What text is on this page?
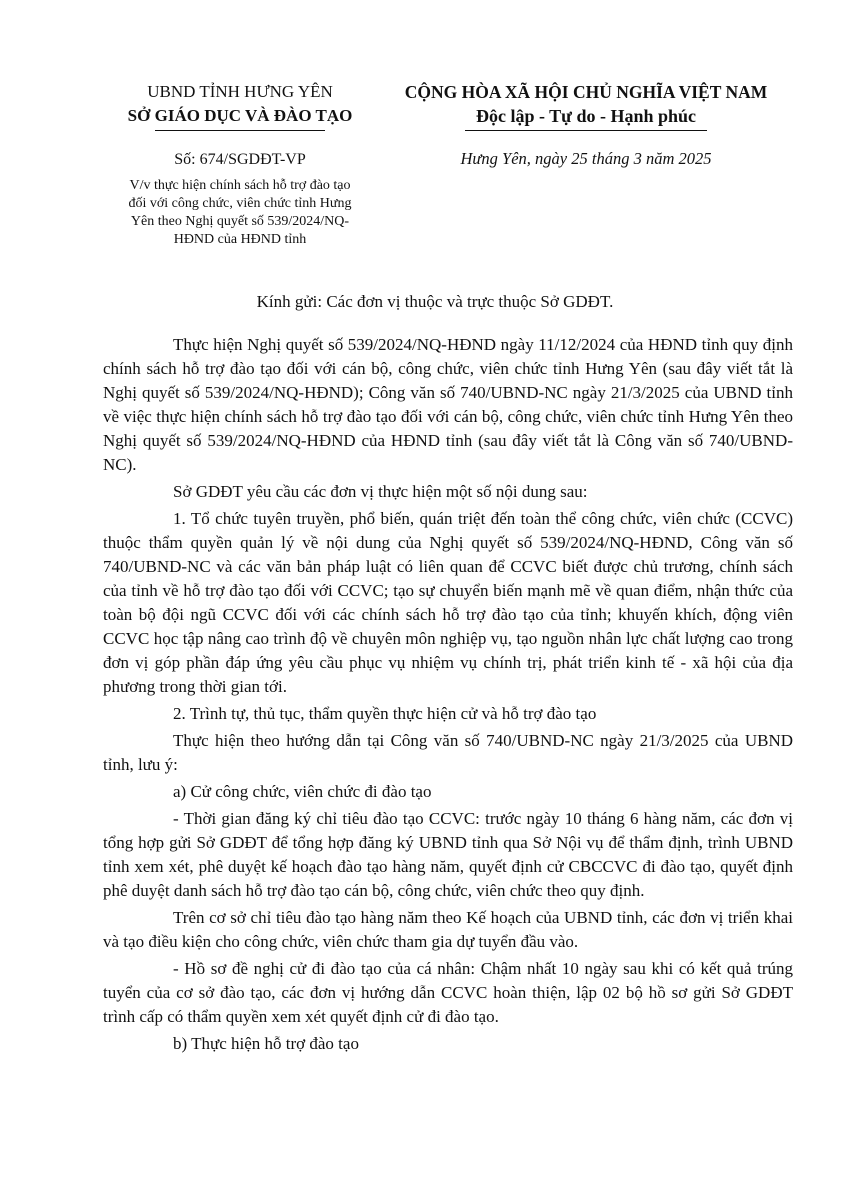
UBND TỈNH HƯNG YÊN
SỞ GIÁO DỤC VÀ ĐÀO TẠO
CỘNG HÒA XÃ HỘI CHỦ NGHĨA VIỆT NAM
Độc lập - Tự do - Hạnh phúc
Số: 674/SGDĐT-VP
V/v thực hiện chính sách hỗ trợ đào tạo
đối với công chức, viên chức tỉnh Hưng
Yên theo Nghị quyết số 539/2024/NQ-
HĐND của HĐND tỉnh
Hưng Yên, ngày 25 tháng 3 năm 2025
Kính gửi: Các đơn vị thuộc và trực thuộc Sở GDĐT.

Thực hiện Nghị quyết số 539/2024/NQ-HĐND ngày 11/12/2024 của HĐND tỉnh quy định chính sách hỗ trợ đào tạo đối với cán bộ, công chức, viên chức tỉnh Hưng Yên (sau đây viết tắt là Nghị quyết số 539/2024/NQ-HĐND); Công văn số 740/UBND-NC ngày 21/3/2025 của UBND tỉnh về việc thực hiện chính sách hỗ trợ đào tạo đối với cán bộ, công chức, viên chức tỉnh Hưng Yên theo Nghị quyết số 539/2024/NQ-HĐND của HĐND tỉnh (sau đây viết tắt là Công văn số 740/UBND-NC).

Sở GDĐT yêu cầu các đơn vị thực hiện một số nội dung sau:

1. Tổ chức tuyên truyền, phổ biến, quán triệt đến toàn thể công chức, viên chức (CCVC) thuộc thẩm quyền quản lý về nội dung của Nghị quyết số 539/2024/NQ-HĐND, Công văn số 740/UBND-NC và các văn bản pháp luật có liên quan để CCVC biết được chủ trương, chính sách của tỉnh về hỗ trợ đào tạo đối với CCVC; tạo sự chuyển biến mạnh mẽ về quan điểm, nhận thức của toàn bộ đội ngũ CCVC đối với các chính sách hỗ trợ đào tạo của tỉnh; khuyến khích, động viên CCVC học tập nâng cao trình độ về chuyên môn nghiệp vụ, tạo nguồn nhân lực chất lượng cao trong đơn vị góp phần đáp ứng yêu cầu phục vụ nhiệm vụ chính trị, phát triển kinh tế - xã hội của địa phương trong thời gian tới.

2. Trình tự, thủ tục, thẩm quyền thực hiện cử và hỗ trợ đào tạo

Thực hiện theo hướng dẫn tại Công văn số 740/UBND-NC ngày 21/3/2025 của UBND tỉnh, lưu ý:

a) Cử công chức, viên chức đi đào tạo

- Thời gian đăng ký chỉ tiêu đào tạo CCVC: trước ngày 10 tháng 6 hàng năm, các đơn vị tổng hợp gửi Sở GDĐT để tổng hợp đăng ký UBND tỉnh qua Sở Nội vụ để thẩm định, trình UBND tỉnh xem xét, phê duyệt kế hoạch đào tạo hàng năm, quyết định cử CBCCVC đi đào tạo, quyết định phê duyệt danh sách hỗ trợ đào tạo cán bộ, công chức, viên chức theo quy định.

Trên cơ sở chỉ tiêu đào tạo hàng năm theo Kế hoạch của UBND tỉnh, các đơn vị triển khai và tạo điều kiện cho công chức, viên chức tham gia dự tuyển đầu vào.

- Hồ sơ đề nghị cử đi đào tạo của cá nhân: Chậm nhất 10 ngày sau khi có kết quả trúng tuyển của cơ sở đào tạo, các đơn vị hướng dẫn CCVC hoàn thiện, lập 02 bộ hồ sơ gửi Sở GDĐT trình cấp có thẩm quyền xem xét quyết định cử đi đào tạo.

b) Thực hiện hỗ trợ đào tạo
